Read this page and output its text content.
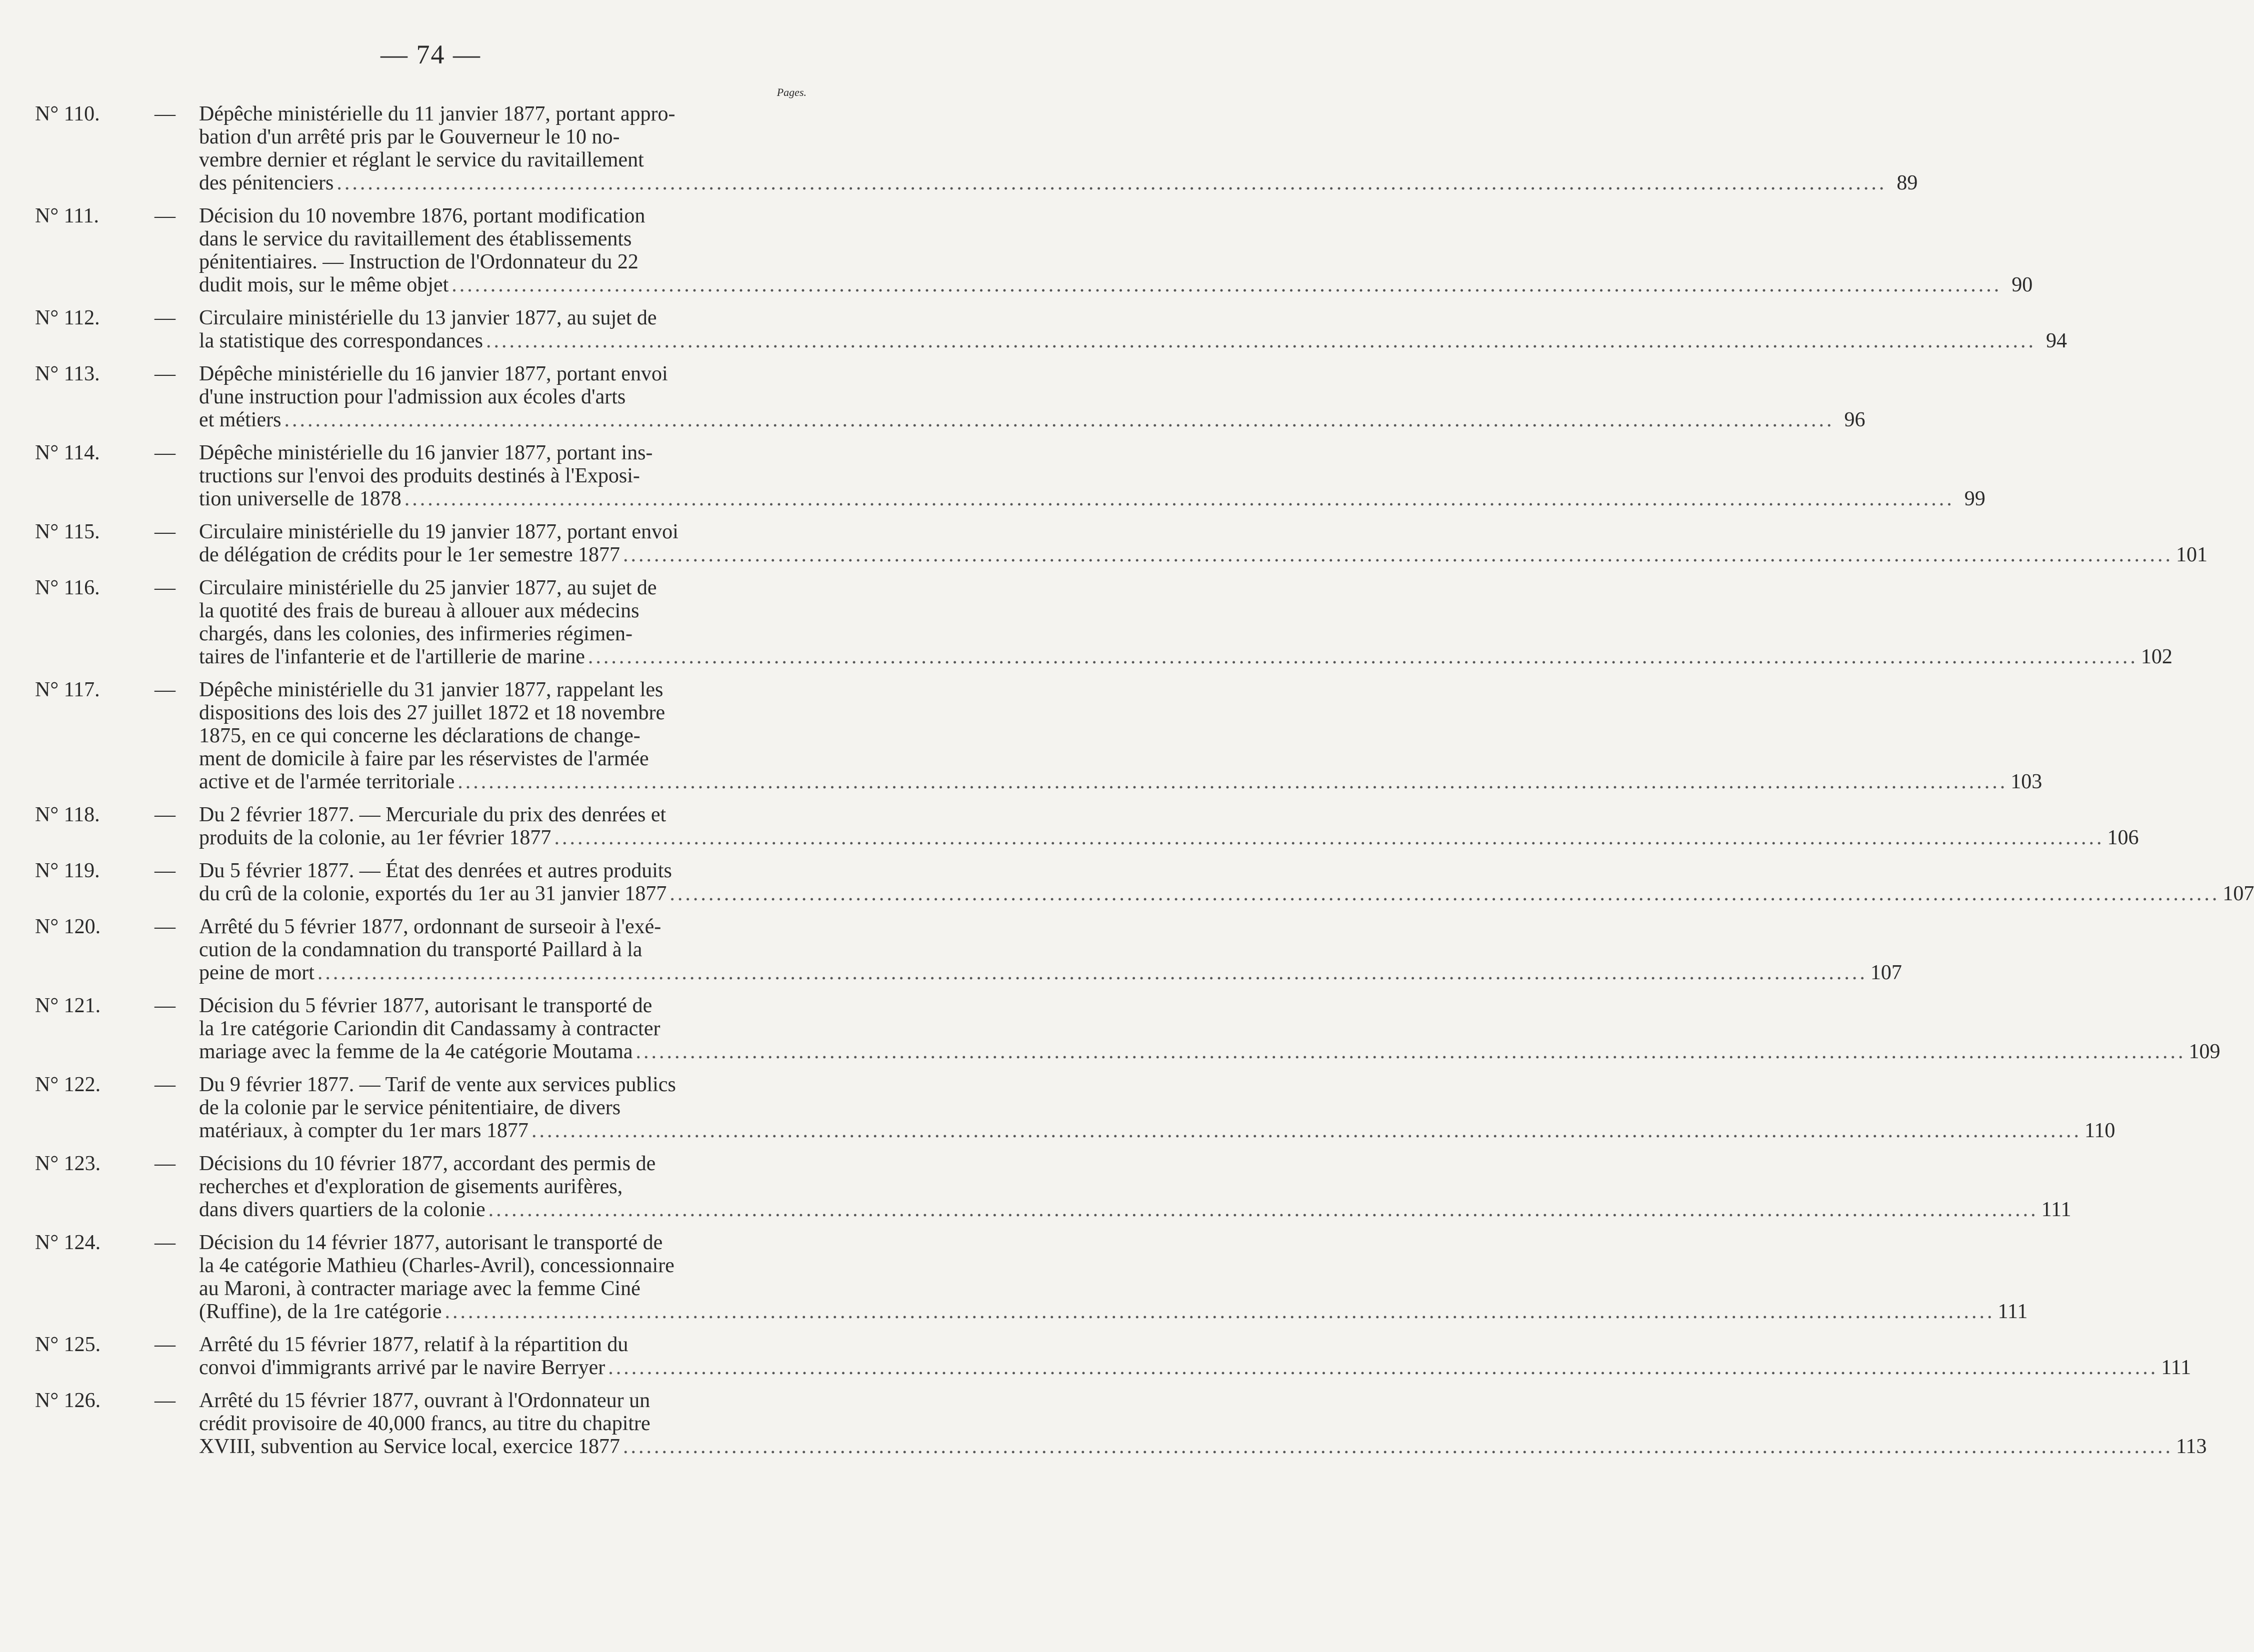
— 74 —
Pages.
N° 110.	— Dépêche ministérielle du 11 janvier 1877, portant appro-
bation d'un arrêté pris par le Gouverneur le 10 no-
vembre dernier et réglant le service du ravitaillement
des pénitenciers ........................................................................................................................................................................................................ 89
N° 111.	— Décision du 10 novembre 1876, portant modification
dans le service du ravitaillement des établissements
pénitentiaires. — Instruction de l'Ordonnateur du 22
dudit mois, sur le même objet ........................................................................................................................................................................................................ 90
N° 112.	— Circulaire ministérielle du 13 janvier 1877, au sujet de
la statistique des correspondances ........................................................................................................................................................................................................ 94
N° 113.	— Dépêche ministérielle du 16 janvier 1877, portant envoi
d'une instruction pour l'admission aux écoles d'arts
et métiers ........................................................................................................................................................................................................ 96
N° 114.	— Dépêche ministérielle du 16 janvier 1877, portant ins-
tructions sur l'envoi des produits destinés à l'Exposi-
tion universelle de 1878 ........................................................................................................................................................................................................ 99
N° 115.	— Circulaire ministérielle du 19 janvier 1877, portant envoi
de délégation de crédits pour le 1er semestre 1877 ........................................................................................................................................................................................................ 101
N° 116.	— Circulaire ministérielle du 25 janvier 1877, au sujet de
la quotité des frais de bureau à allouer aux médecins
chargés, dans les colonies, des infirmeries régimen-
taires de l'infanterie et de l'artillerie de marine ........................................................................................................................................................................................................ 102
N° 117.	— Dépêche ministérielle du 31 janvier 1877, rappelant les
dispositions des lois des 27 juillet 1872 et 18 novembre
1875, en ce qui concerne les déclarations de change-
ment de domicile à faire par les réservistes de l'armée
active et de l'armée territoriale ........................................................................................................................................................................................................ 103
N° 118.	— Du 2 février 1877. — Mercuriale du prix des denrées et
produits de la colonie, au 1er février 1877 ........................................................................................................................................................................................................ 106
N° 119.	— Du 5 février 1877. — État des denrées et autres produits
du crû de la colonie, exportés du 1er au 31 janvier 1877 ........................................................................................................................................................................................................ 107
N° 120.	— Arrêté du 5 février 1877, ordonnant de surseoir à l'exé-
cution de la condamnation du transporté Paillard à la
peine de mort ........................................................................................................................................................................................................ 107
N° 121.	— Décision du 5 février 1877, autorisant le transporté de
la 1re catégorie Cariondin dit Candassamy à contracter
mariage avec la femme de la 4e catégorie Moutama ........................................................................................................................................................................................................ 109
N° 122.	— Du 9 février 1877. — Tarif de vente aux services publics
de la colonie par le service pénitentiaire, de divers
matériaux, à compter du 1er mars 1877 ........................................................................................................................................................................................................ 110
N° 123.	— Décisions du 10 février 1877, accordant des permis de
recherches et d'exploration de gisements aurifères,
dans divers quartiers de la colonie ........................................................................................................................................................................................................ 111
N° 124.	— Décision du 14 février 1877, autorisant le transporté de
la 4e catégorie Mathieu (Charles-Avril), concessionnaire
au Maroni, à contracter mariage avec la femme Ciné
(Ruffine), de la 1re catégorie ........................................................................................................................................................................................................ 111
N° 125.	— Arrêté du 15 février 1877, relatif à la répartition du
convoi d'immigrants arrivé par le navire Berryer ........................................................................................................................................................................................................ 111
N° 126.	— Arrêté du 15 février 1877, ouvrant à l'Ordonnateur un
crédit provisoire de 40,000 francs, au titre du chapitre
XVIII, subvention au Service local, exercice 1877 ........................................................................................................................................................................................................ 113
